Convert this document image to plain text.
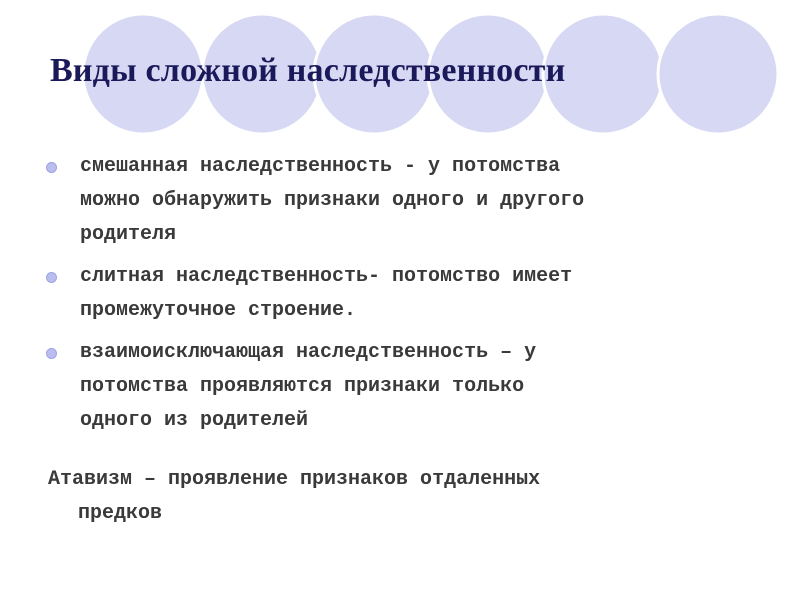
Виды сложной наследственности
смешанная наследственность - у потомства
можно обнаружить признаки одного и другого
родителя
слитная наследственность- потомство имеет
промежуточное строение.
взаимоисключающая наследственность – у
потомства проявляются признаки только
одного из родителей

Атавизм – проявление признаков отдаленных
предков
